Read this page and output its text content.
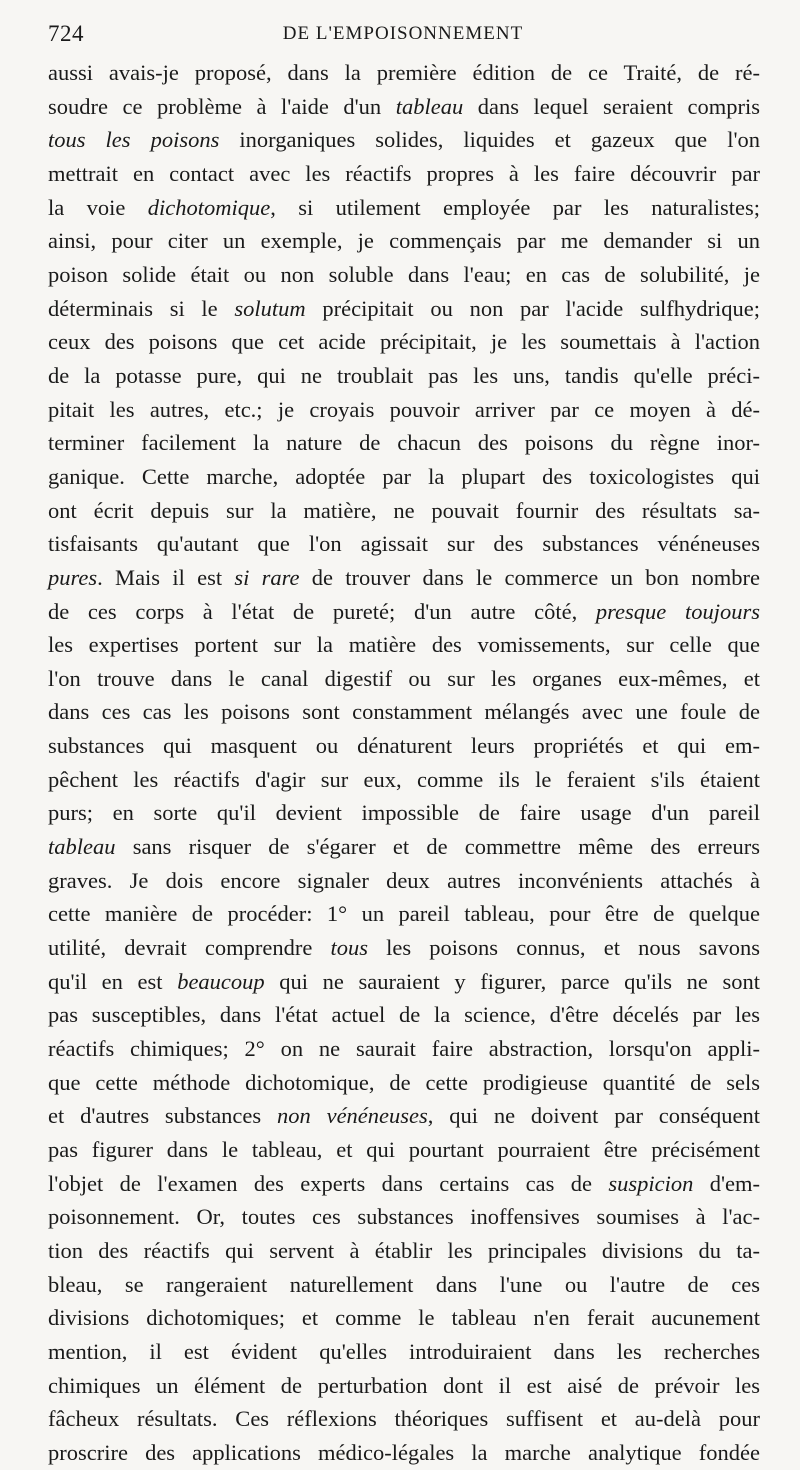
724	DE L'EMPOISONNEMENT
aussi avais-je proposé, dans la première édition de ce Traité, de ré-
soudre ce problème à l'aide d'un tableau dans lequel seraient compris
tous les poisons inorganiques solides, liquides et gazeux que l'on
mettrait en contact avec les réactifs propres à les faire découvrir par
la voie dichotomique, si utilement employée par les naturalistes;
ainsi, pour citer un exemple, je commençais par me demander si un
poison solide était ou non soluble dans l'eau; en cas de solubilité, je
déterminais si le solutum précipitait ou non par l'acide sulfhydrique;
ceux des poisons que cet acide précipitait, je les soumettais à l'action
de la potasse pure, qui ne troublait pas les uns, tandis qu'elle préci-
pitait les autres, etc.; je croyais pouvoir arriver par ce moyen à dé-
terminer facilement la nature de chacun des poisons du règne inor-
ganique. Cette marche, adoptée par la plupart des toxicologistes qui
ont écrit depuis sur la matière, ne pouvait fournir des résultats sa-
tisfaisants qu'autant que l'on agissait sur des substances vénéneuses
pures. Mais il est si rare de trouver dans le commerce un bon nombre
de ces corps à l'état de pureté; d'un autre côté, presque toujours
les expertises portent sur la matière des vomissements, sur celle que
l'on trouve dans le canal digestif ou sur les organes eux-mêmes, et
dans ces cas les poisons sont constamment mélangés avec une foule de
substances qui masquent ou dénaturent leurs propriétés et qui em-
pêchent les réactifs d'agir sur eux, comme ils le feraient s'ils étaient
purs; en sorte qu'il devient impossible de faire usage d'un pareil
tableau sans risquer de s'égarer et de commettre même des erreurs
graves. Je dois encore signaler deux autres inconvénients attachés à
cette manière de procéder: 1° un pareil tableau, pour être de quelque
utilité, devrait comprendre tous les poisons connus, et nous savons
qu'il en est beaucoup qui ne sauraient y figurer, parce qu'ils ne sont
pas susceptibles, dans l'état actuel de la science, d'être décelés par les
réactifs chimiques; 2° on ne saurait faire abstraction, lorsqu'on appli-
que cette méthode dichotomique, de cette prodigieuse quantité de sels
et d'autres substances non vénéneuses, qui ne doivent par conséquent
pas figurer dans le tableau, et qui pourtant pourraient être précisément
l'objet de l'examen des experts dans certains cas de suspicion d'em-
poisonnement. Or, toutes ces substances inoffensives soumises à l'ac-
tion des réactifs qui servent à établir les principales divisions du ta-
bleau, se rangeraient naturellement dans l'une ou l'autre de ces
divisions dichotomiques; et comme le tableau n'en ferait aucunement
mention, il est évident qu'elles introduiraient dans les recherches
chimiques un élément de perturbation dont il est aisé de prévoir les
fâcheux résultats. Ces réflexions théoriques suffisent et au-delà pour
proscrire des applications médico-légales la marche analytique fondée
